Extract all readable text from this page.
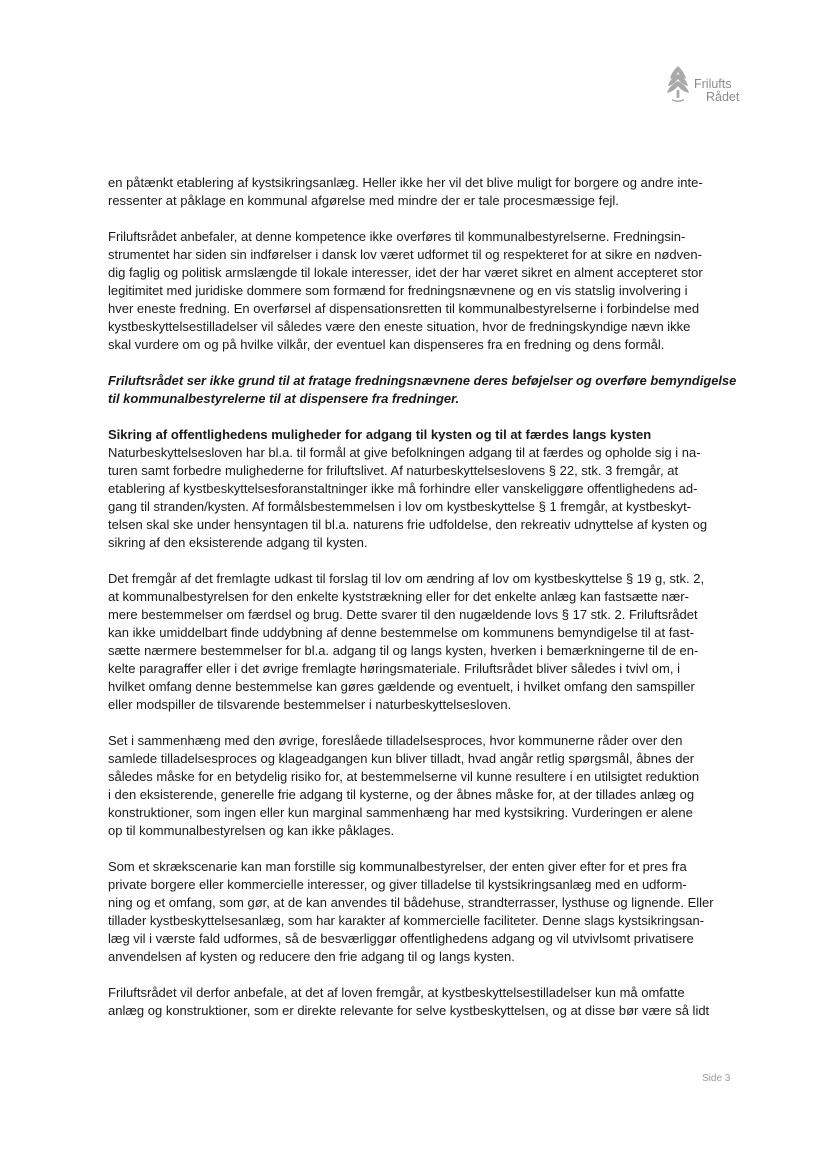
Frilufts
Rådet

en påtænkt etablering af kystsikringsanlæg. Heller ikke her vil det blive muligt for borgere og andre inte-
ressenter at påklage en kommunal afgørelse med mindre der er tale procesmæssige fejl.

Friluftsrådet anbefaler, at denne kompetence ikke overføres til kommunalbestyrelserne. Fredningsin-
strumentet har siden sin indførelser i dansk lov været udformet til og respekteret for at sikre en nødven-
dig faglig og politisk armslængde til lokale interesser, idet der har været sikret en alment accepteret stor
legitimitet med juridiske dommere som formænd for fredningsnævnene og en vis statslig involvering i
hver eneste fredning. En overførsel af dispensationsretten til kommunalbestyrelserne i forbindelse med
kystbeskyttelsestilladelser vil således være den eneste situation, hvor de fredningskyndige nævn ikke
skal vurdere om og på hvilke vilkår, der eventuel kan dispenseres fra en fredning og dens formål.

Friluftsrådet ser ikke grund til at fratage fredningsnævnene deres beføjelser og overføre bemyndigelse
til kommunalbestyrelerne til at dispensere fra fredninger.

Sikring af offentlighedens muligheder for adgang til kysten og til at færdes langs kysten
Naturbeskyttelsesloven har bl.a. til formål at give befolkningen adgang til at færdes og opholde sig i na-
turen samt forbedre mulighederne for friluftslivet. Af naturbeskyttelseslovens § 22, stk. 3 fremgår, at
etablering af kystbeskyttelsesforanstaltninger ikke må forhindre eller vanskeliggøre offentlighedens ad-
gang til stranden/kysten. Af formålsbestemmelsen i lov om kystbeskyttelse § 1 fremgår, at kystbeskyt-
telsen skal ske under hensyntagen til bl.a. naturens frie udfoldelse, den rekreativ udnyttelse af kysten og
sikring af den eksisterende adgang til kysten.

Det fremgår af det fremlagte udkast til forslag til lov om ændring af lov om kystbeskyttelse § 19 g, stk. 2,
at kommunalbestyrelsen for den enkelte kyststrækning eller for det enkelte anlæg kan fastsætte nær-
mere bestemmelser om færdsel og brug. Dette svarer til den nugældende lovs § 17 stk. 2. Friluftsrådet
kan ikke umiddelbart finde uddybning af denne bestemmelse om kommunens bemyndigelse til at fast-
sætte nærmere bestemmelser for bl.a. adgang til og langs kysten, hverken i bemærkningerne til de en-
kelte paragraffer eller i det øvrige fremlagte høringsmateriale. Friluftsrådet bliver således i tvivl om, i
hvilket omfang denne bestemmelse kan gøres gældende og eventuelt, i hvilket omfang den samspiller
eller modspiller de tilsvarende bestemmelser i naturbeskyttelsesloven.

Set i sammenhæng med den øvrige, foreslåede tilladelsesproces, hvor kommunerne råder over den
samlede tilladelsesproces og klageadgangen kun bliver tilladt, hvad angår retlig spørgsmål, åbnes der
således måske for en betydelig risiko for, at bestemmelserne vil kunne resultere i en utilsigtet reduktion
i den eksisterende, generelle frie adgang til kysterne, og der åbnes måske for, at der tillades anlæg og
konstruktioner, som ingen eller kun marginal sammenhæng har med kystsikring. Vurderingen er alene
op til kommunalbestyrelsen og kan ikke påklages.

Som et skrækscenarie kan man forstille sig kommunalbestyrelser, der enten giver efter for et pres fra
private borgere eller kommercielle interesser, og giver tilladelse til kystsikringsanlæg med en udform-
ning og et omfang, som gør, at de kan anvendes til bådehuse, strandterrasser, lysthuse og lignende. Eller
tillader kystbeskyttelsesanlæg, som har karakter af kommercielle faciliteter. Denne slags kystsikringsan-
læg vil i værste fald udformes, så de besværliggør offentlighedens adgang og vil utvivlsomt privatisere
anvendelsen af kysten og reducere den frie adgang til og langs kysten.

Friluftsrådet vil derfor anbefale, at det af loven fremgår, at kystbeskyttelsestilladelser kun må omfatte
anlæg og konstruktioner, som er direkte relevante for selve kystbeskyttelsen, og at disse bør være så lidt

Side 3
